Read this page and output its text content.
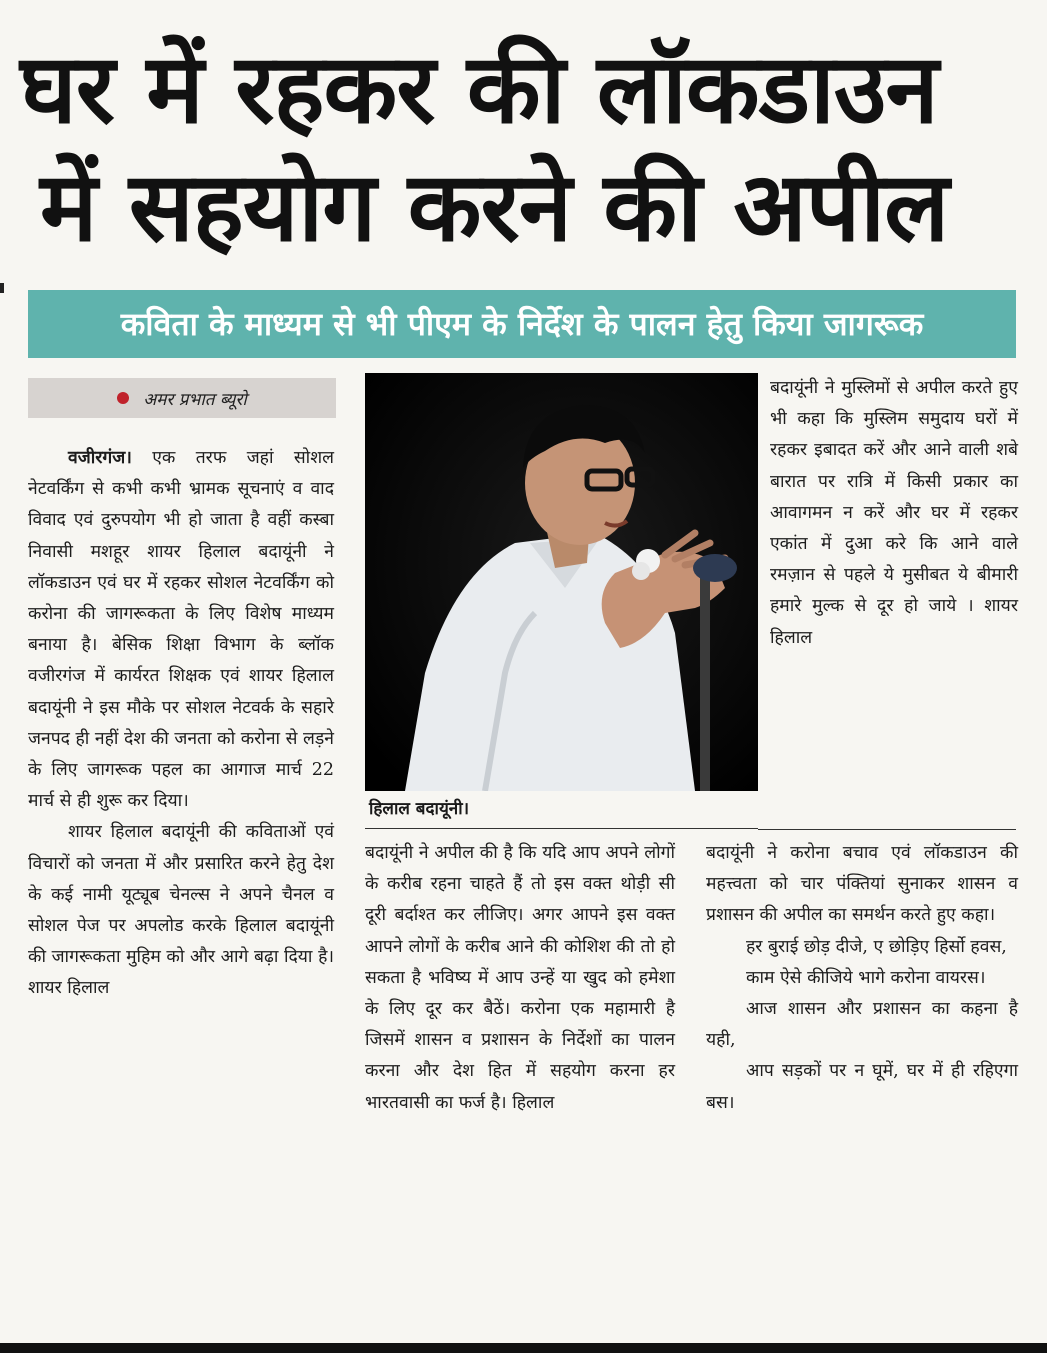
घर में रहकर की लॉकडाउन
में सहयोग करने की अपील
कविता के माध्यम से भी पीएम के निर्देश के पालन हेतु किया जागरूक
अमर प्रभात ब्यूरो

वजीरगंज। एक तरफ जहां सोशल नेटवर्किंग से कभी कभी भ्रामक सूचनाएं व वाद विवाद एवं दुरुपयोग भी हो जाता है वहीं कस्बा निवासी मशहूर शायर हिलाल बदायूंनी ने लॉकडाउन एवं घर में रहकर सोशल नेटवर्किंग को करोना की जागरूकता के लिए विशेष माध्यम बनाया है। बेसिक शिक्षा विभाग के ब्लॉक वजीरगंज में कार्यरत शिक्षक एवं शायर हिलाल बदायूंनी ने इस मौके पर सोशल नेटवर्क के सहारे जनपद ही नहीं देश की जनता को करोना से लड़ने के लिए जागरूक पहल का आगाज मार्च 22 मार्च से ही शुरू कर दिया।

शायर हिलाल बदायूंनी की कविताओं एवं विचारों को जनता में और प्रसारित करने हेतु देश के कई नामी यूट्यूब चेनल्स ने अपने चैनल व सोशल पेज पर अपलोड करके हिलाल बदायूंनी की जागरूकता मुहिम को और आगे बढ़ा दिया है। शायर हिलाल

हिलाल बदायूंनी।

बदायूंनी ने मुस्लिमों से अपील करते हुए भी कहा कि मुस्लिम समुदाय घरों में रहकर इबादत करें और आने वाली शबे बारात पर रात्रि में किसी प्रकार का आवागमन न करें और घर में रहकर एकांत में दुआ करे कि आने वाले रमज़ान से पहले ये मुसीबत ये बीमारी हमारे मुल्क से दूर हो जाये । शायर हिलाल

बदायूंनी ने अपील की है कि यदि आप अपने लोगों के करीब रहना चाहते हैं तो इस वक्त थोड़ी सी दूरी बर्दाश्त कर लीजिए। अगर आपने इस वक्त आपने लोगों के करीब आने की कोशिश की तो हो सकता है भविष्य में आप उन्हें या खुद को हमेशा के लिए दूर कर बैठें। करोना एक महामारी है जिसमें शासन व प्रशासन के निर्देशों का पालन करना और देश हित में सहयोग करना हर भारतवासी का फर्ज है। हिलाल

बदायूंनी ने करोना बचाव एवं लॉकडाउन की महत्त्वता को चार पंक्तियां सुनाकर शासन व प्रशासन की अपील का समर्थन करते हुए कहा।

हर बुराई छोड़ दीजे, ए छोड़िए हिर्सो हवस,

काम ऐसे कीजिये भागे करोना वायरस।

आज शासन और प्रशासन का कहना है यही,

आप सड़कों पर न घूमें, घर में ही रहिएगा बस।
